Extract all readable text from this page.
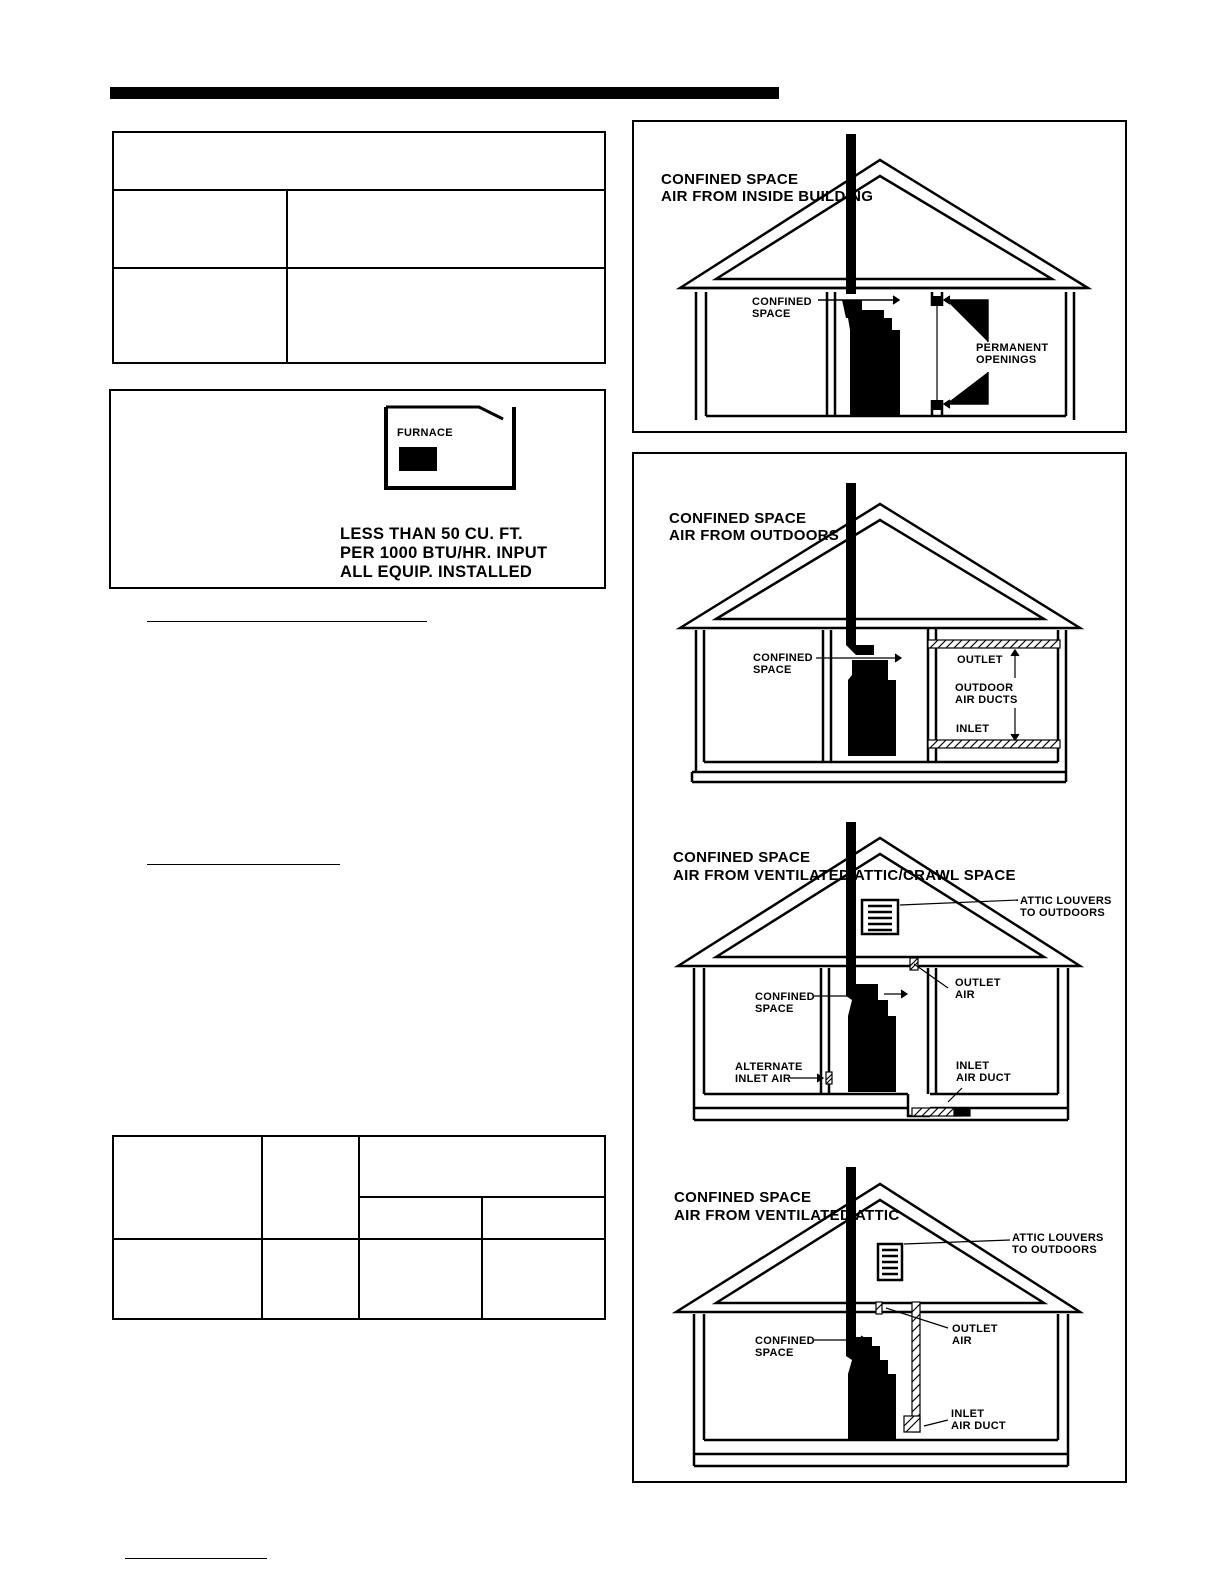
FURNACE
LESS THAN 50 CU. FT.
PER 1000 BTU/HR. INPUT
ALL EQUIP. INSTALLED
CONFINED SPACE
AIR FROM INSIDE BUILDING
CONFINED
SPACE
PERMANENT
OPENINGS
CONFINED SPACE
AIR FROM OUTDOORS
CONFINED
SPACE
OUTLET
OUTDOOR
AIR DUCTS
INLET
CONFINED SPACE
AIR FROM VENTILATED ATTIC/CRAWL SPACE
ATTIC LOUVERS
TO OUTDOORS
OUTLET
AIR
CONFINED
SPACE
ALTERNATE
INLET AIR
INLET
AIR DUCT
CONFINED SPACE
AIR FROM VENTILATED ATTIC
ATTIC LOUVERS
TO OUTDOORS
OUTLET
AIR
CONFINED
SPACE
INLET
AIR DUCT
